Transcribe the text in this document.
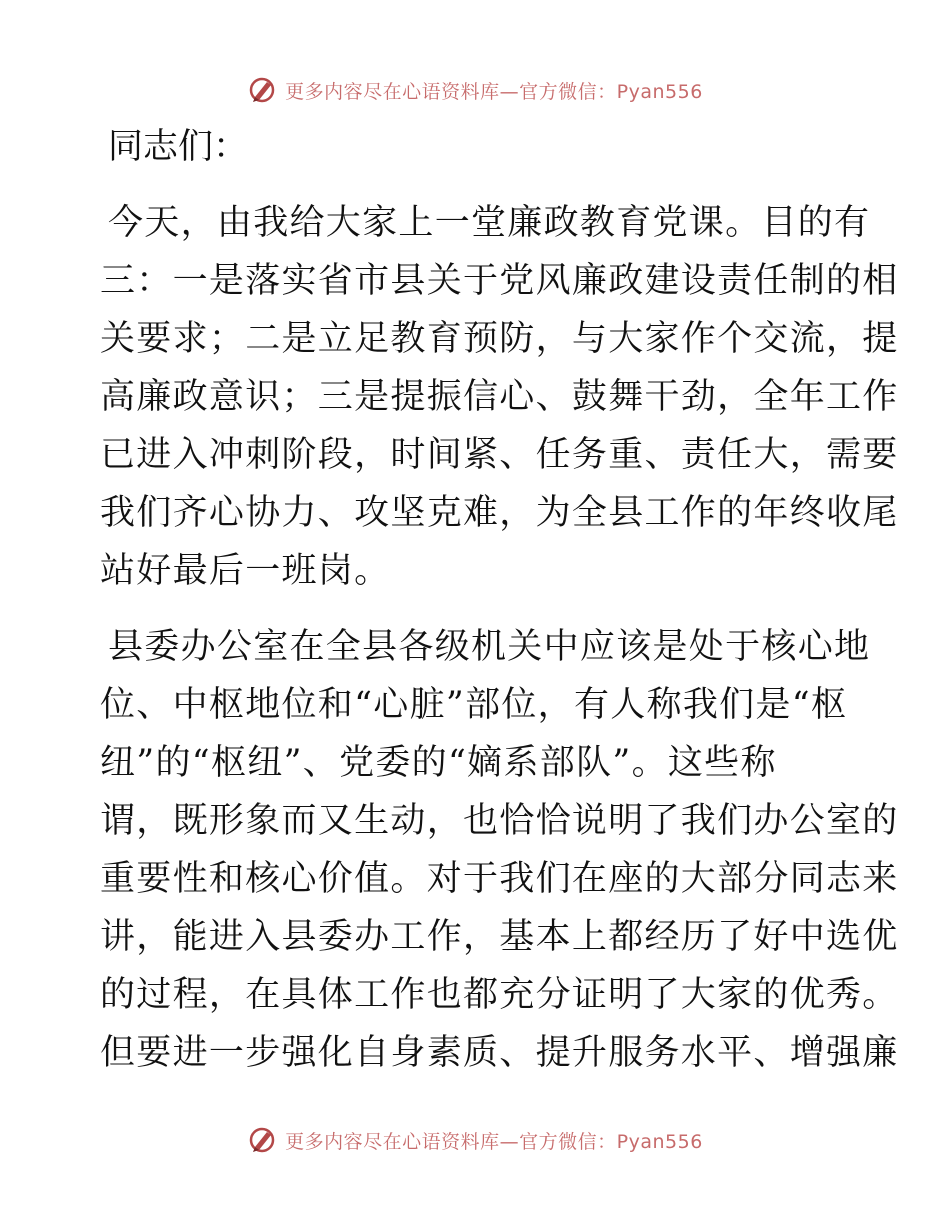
更多内容尽在心语资料库—官方微信：Pyan556
同志们：
今天，由我给大家上一堂廉政教育党课。目的有
三：一是落实省市县关于党风廉政建设责任制的相
关要求；二是立足教育预防，与大家作个交流，提
高廉政意识；三是提振信心、鼓舞干劲，全年工作
已进入冲刺阶段，时间紧、任务重、责任大，需要
我们齐心协力、攻坚克难，为全县工作的年终收尾
站好最后一班岗。
县委办公室在全县各级机关中应该是处于核心地
位、中枢地位和“心脏”部位，有人称我们是“枢
纽”的“枢纽”、党委的“嫡系部队”。这些称
谓，既形象而又生动，也恰恰说明了我们办公室的
重要性和核心价值。对于我们在座的大部分同志来
讲，能进入县委办工作，基本上都经历了好中选优
的过程，在具体工作也都充分证明了大家的优秀。
但要进一步强化自身素质、提升服务水平、增强廉
更多内容尽在心语资料库—官方微信：Pyan556
